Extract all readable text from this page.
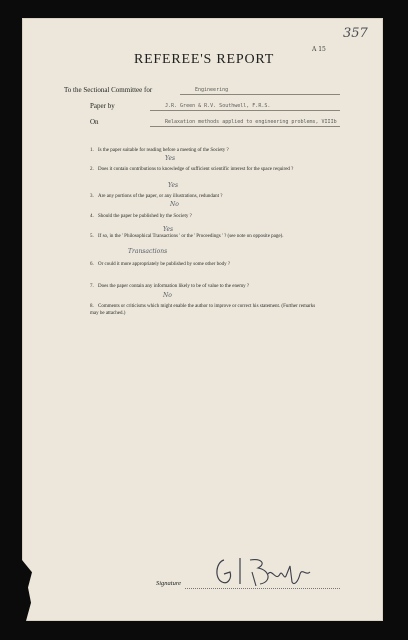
357
A 15
REFEREE'S REPORT
To the Sectional Committee for	Engineering
Paper by	J.R. Green & R.V. Southwell, F.R.S.
On	Relaxation methods applied to engineering problems, VIIIb
1. Is the paper suitable for reading before a meeting of the Society ?
Yes
2. Does it contain contributions to knowledge of sufficient scientific interest for the space required ?
Yes
3. Are any portions of the paper, or any illustrations, redundant ?
No
4. Should the paper be published by the Society ?
Yes
5. If so, in the ' Philosophical Transactions ' or the ' Proceedings ' ? (see note on opposite page).
Transactions
6. Or could it more appropriately be published by some other body ?
7. Does the paper contain any information likely to be of value to the enemy ?
No
8. Comments or criticisms which might enable the author to improve or correct his statement. (Further remarks may be attached.)
Signature
